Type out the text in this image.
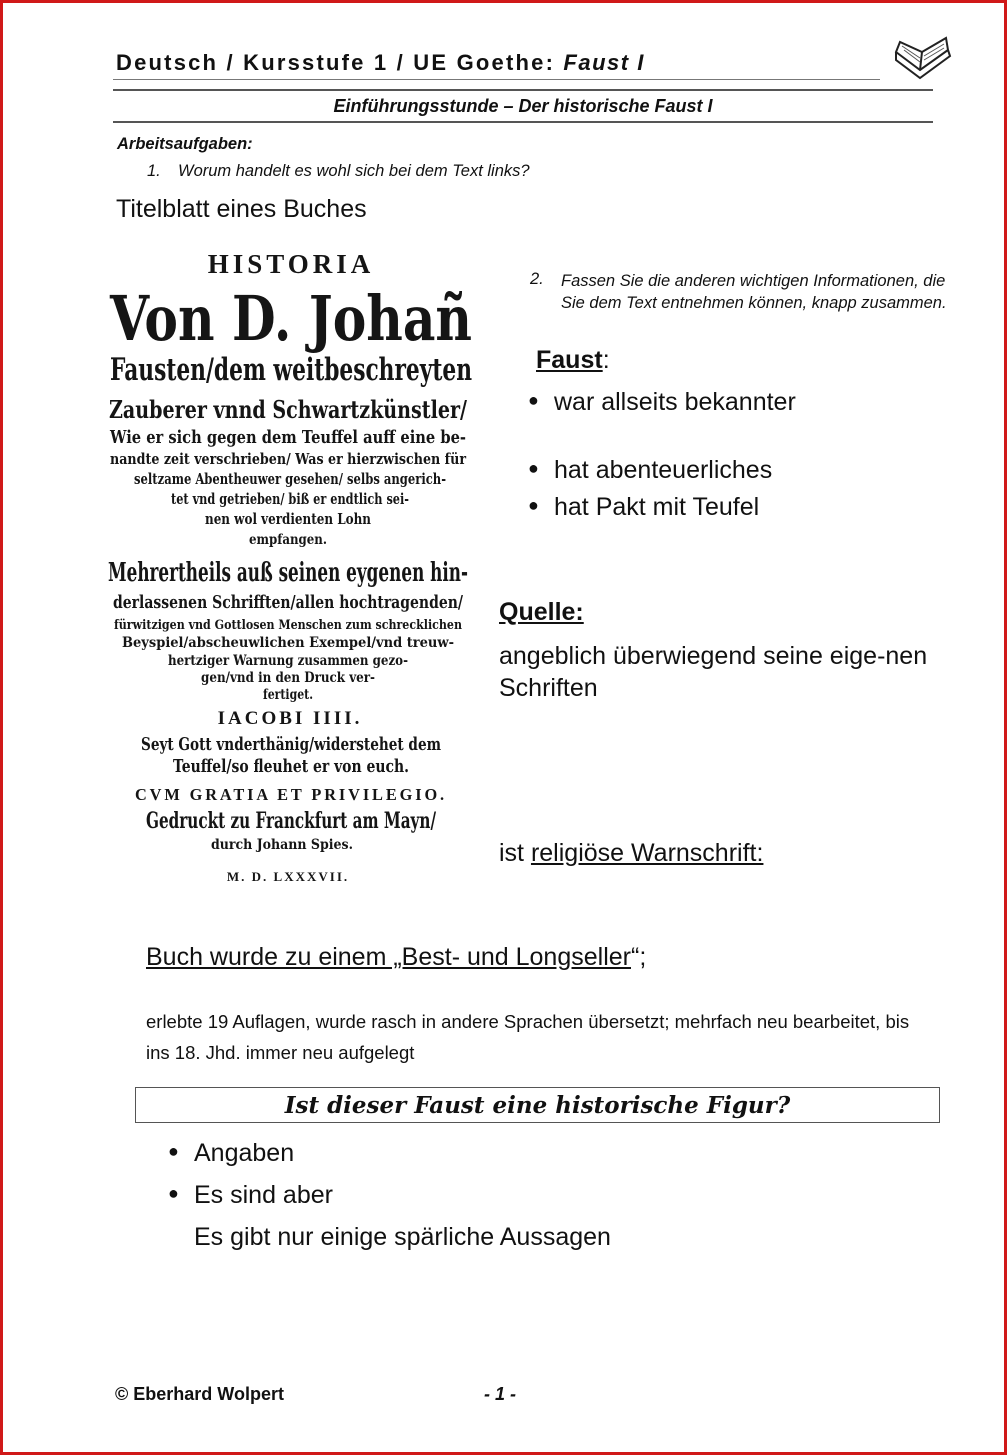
Deutsch / Kursstufe 1 / UE Goethe: Faust I
Einführungsstunde – Der historische Faust I
Arbeitsaufgaben:
1. Worum handelt es wohl sich bei dem Text links?
Titelblatt eines Buches
HISTORIA
Von D. Johañ
Fausten/dem weitbeschreyten
Zauberer vnnd Schwartzkünstler/
Wie er sich gegen dem Teuffel auff eine be-
nandte zeit verschrieben/ Was er hierzwischen für
seltzame Abentheuwer gesehen/ selbs angerich-
tet vnd getrieben/ biß er endtlich sei-
nen wol verdienten Lohn
empfangen.
Mehrertheils auß seinen eygenen hin-
derlassenen Schrifften/allen hochtragenden/
fürwitzigen vnd Gottlosen Menschen zum schrecklichen
Beyspiel/abscheuwlichen Exempel/vnd treuw-
hertziger Warnung zusammen gezo-
gen/vnd in den Druck ver-
fertiget.
IACOBI IIII.
Seyt Gott vnderthänig/widerstehet dem
Teuffel/so fleuhet er von euch.
CVM GRATIA ET PRIVILEGIO.
Gedruckt zu Franckfurt am Mayn/
durch Johann Spies.
M. D. LXXXVII.
2. Fassen Sie die anderen wichtigen Informationen, die Sie dem Text entnehmen können, knapp zusammen.
Faust:
● war allseits bekannter
● hat abenteuerliches
● hat Pakt mit Teufel
Quelle:
angeblich überwiegend seine eige-nen Schriften
ist religiöse Warnschrift:
Buch wurde zu einem „Best- und Longseller“;
erlebte 19 Auflagen, wurde rasch in andere Sprachen übersetzt; mehrfach neu bearbeitet, bis ins 18. Jhd. immer neu aufgelegt
Ist dieser Faust eine historische Figur?
● Angaben
● Es sind aber
Es gibt nur einige spärliche Aussagen
© Eberhard Wolpert	- 1 -
